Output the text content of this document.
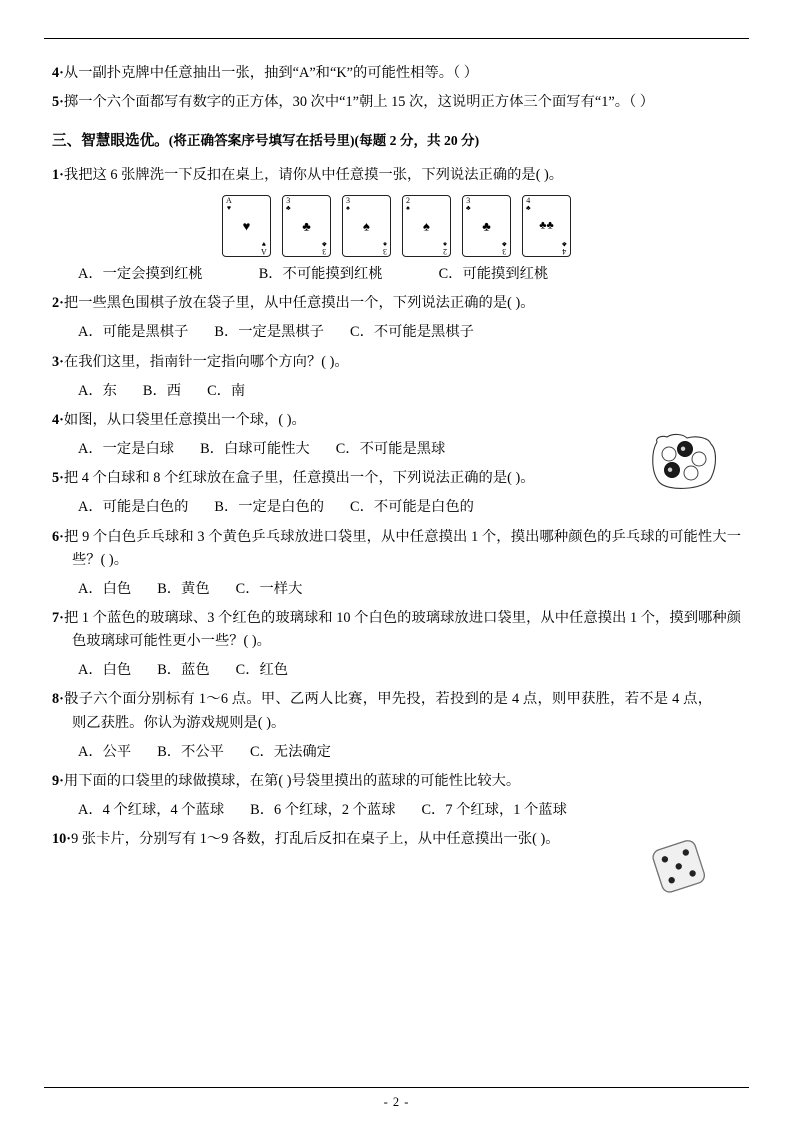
4·从一副扑克牌中任意抽出一张，抽到“A”和“K”的可能性相等。（ ）

5·掷一个六个面都写有数字的正方体，30 次中“1”朝上 15 次，这说明正方体三个面写有“1”。（ ）

三、智慧眼选优。(将正确答案序号填写在括号里)(每题 2 分，共 20 分)

1·我把这 6 张牌洗一下反扣在桌上，请你从中任意摸一张，下列说法正确的是( )。

A
♥
♥
A
♥
3
♣
♣
3
♣
3
♠
♠
3
♠
2
♠
♠
2
♠
3
♣
♣
3
♣
4
♣
♣♣
4
♣

A．一定会摸到红桃	B．不可能摸到红桃	C．可能摸到红桃

2·把一些黑色围棋子放在袋子里，从中任意摸出一个，下列说法正确的是( )。

A．可能是黑棋子 B．一定是黑棋子 C．不可能是黑棋子

3·在我们这里，指南针一定指向哪个方向？( )。

A．东 B．西 C．南

4·如图，从口袋里任意摸出一个球，( )。

A．一定是白球 B．白球可能性大 C．不可能是黑球

5·把 4 个白球和 8 个红球放在盒子里，任意摸出一个，下列说法正确的是( )。

A．可能是白色的 B．一定是白色的 C．不可能是白色的

6·把 9 个白色乒乓球和 3 个黄色乒乓球放进口袋里，从中任意摸出 1 个，摸出哪种颜色的乒乓球的可能性大一些？( )。

A．白色 B．黄色 C．一样大

7·把 1 个蓝色的玻璃球、3 个红色的玻璃球和 10 个白色的玻璃球放进口袋里，从中任意摸出 1 个，摸到哪种颜色玻璃球可能性更小一些？( )。

A．白色 B．蓝色 C．红色

8·骰子六个面分别标有 1～6 点。甲、乙两人比赛，甲先投，若投到的是 4 点，则甲获胜，若不是 4 点，则乙获胜。你认为游戏规则是( )。

A．公平 B．不公平 C．无法确定

9·用下面的口袋里的球做摸球，在第( )号袋里摸出的蓝球的可能性比较大。

A．4 个红球，4 个蓝球 B．6 个红球，2 个蓝球 C．7 个红球，1 个蓝球

10·9 张卡片，分别写有 1～9 各数，打乱后反扣在桌子上，从中任意摸出一张( )。

- 2 -
